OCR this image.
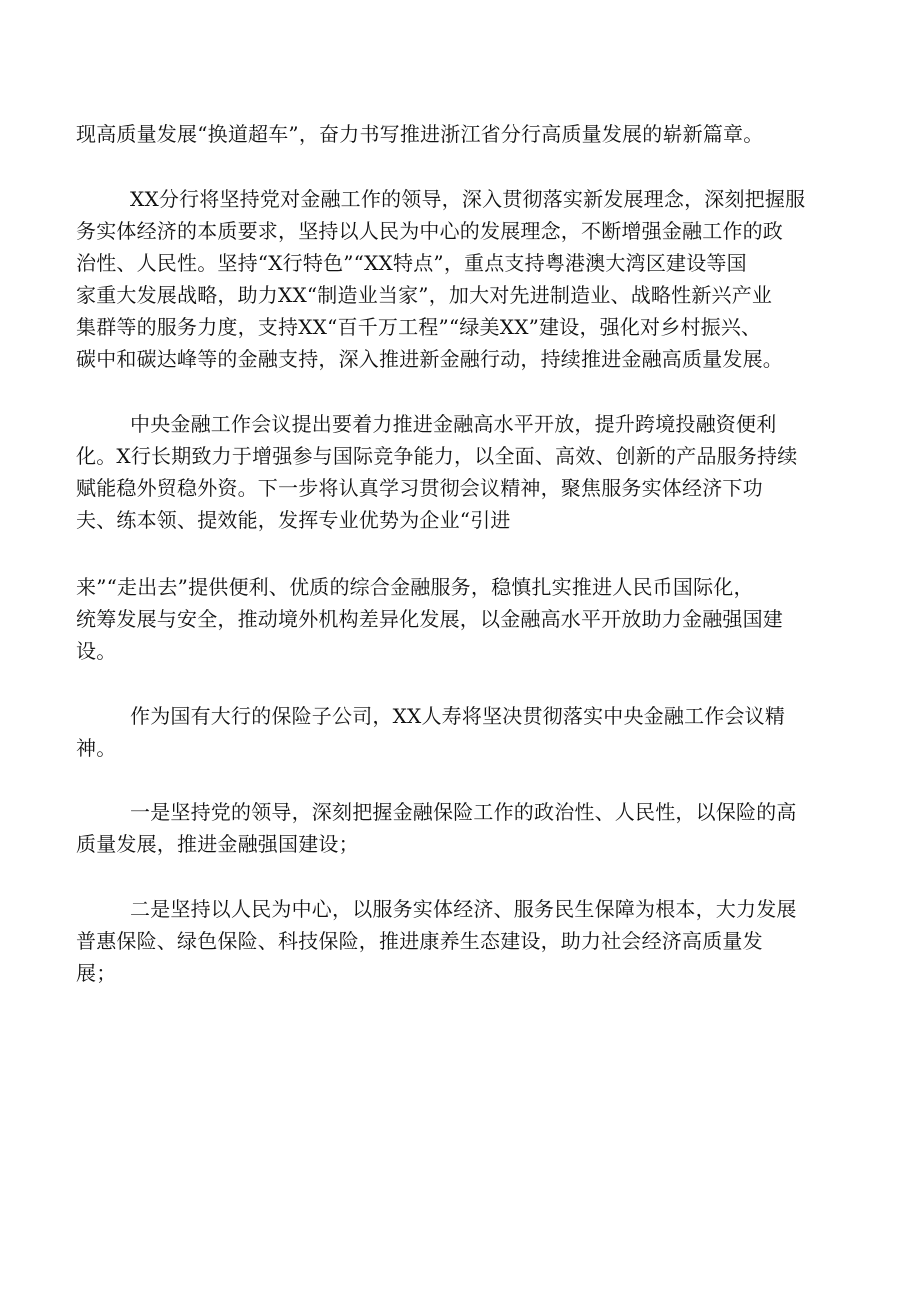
现高质量发展“换道超车”，奋力书写推进浙江省分行高质量发展的崭新篇章。
XX分行将坚持党对金融工作的领导，深入贯彻落实新发展理念，深刻把握服
务实体经济的本质要求，坚持以人民为中心的发展理念，不断增强金融工作的政
治性、人民性。坚持“X行特色”“XX特点”，重点支持粤港澳大湾区建设等国
家重大发展战略，助力XX“制造业当家”，加大对先进制造业、战略性新兴产业
集群等的服务力度，支持XX“百千万工程”“绿美XX”建设，强化对乡村振兴、
碳中和碳达峰等的金融支持，深入推进新金融行动，持续推进金融高质量发展。
中央金融工作会议提出要着力推进金融高水平开放，提升跨境投融资便利
化。X行长期致力于增强参与国际竞争能力，以全面、高效、创新的产品服务持续
赋能稳外贸稳外资。下一步将认真学习贯彻会议精神，聚焦服务实体经济下功
夫、练本领、提效能，发挥专业优势为企业“引进
来”“走出去”提供便利、优质的综合金融服务，稳慎扎实推进人民币国际化，
统筹发展与安全，推动境外机构差异化发展，以金融高水平开放助力金融强国建
设。
作为国有大行的保险子公司，XX人寿将坚决贯彻落实中央金融工作会议精
神。
一是坚持党的领导，深刻把握金融保险工作的政治性、人民性，以保险的高
质量发展，推进金融强国建设；
二是坚持以人民为中心，以服务实体经济、服务民生保障为根本，大力发展
普惠保险、绿色保险、科技保险，推进康养生态建设，助力社会经济高质量发
展；
